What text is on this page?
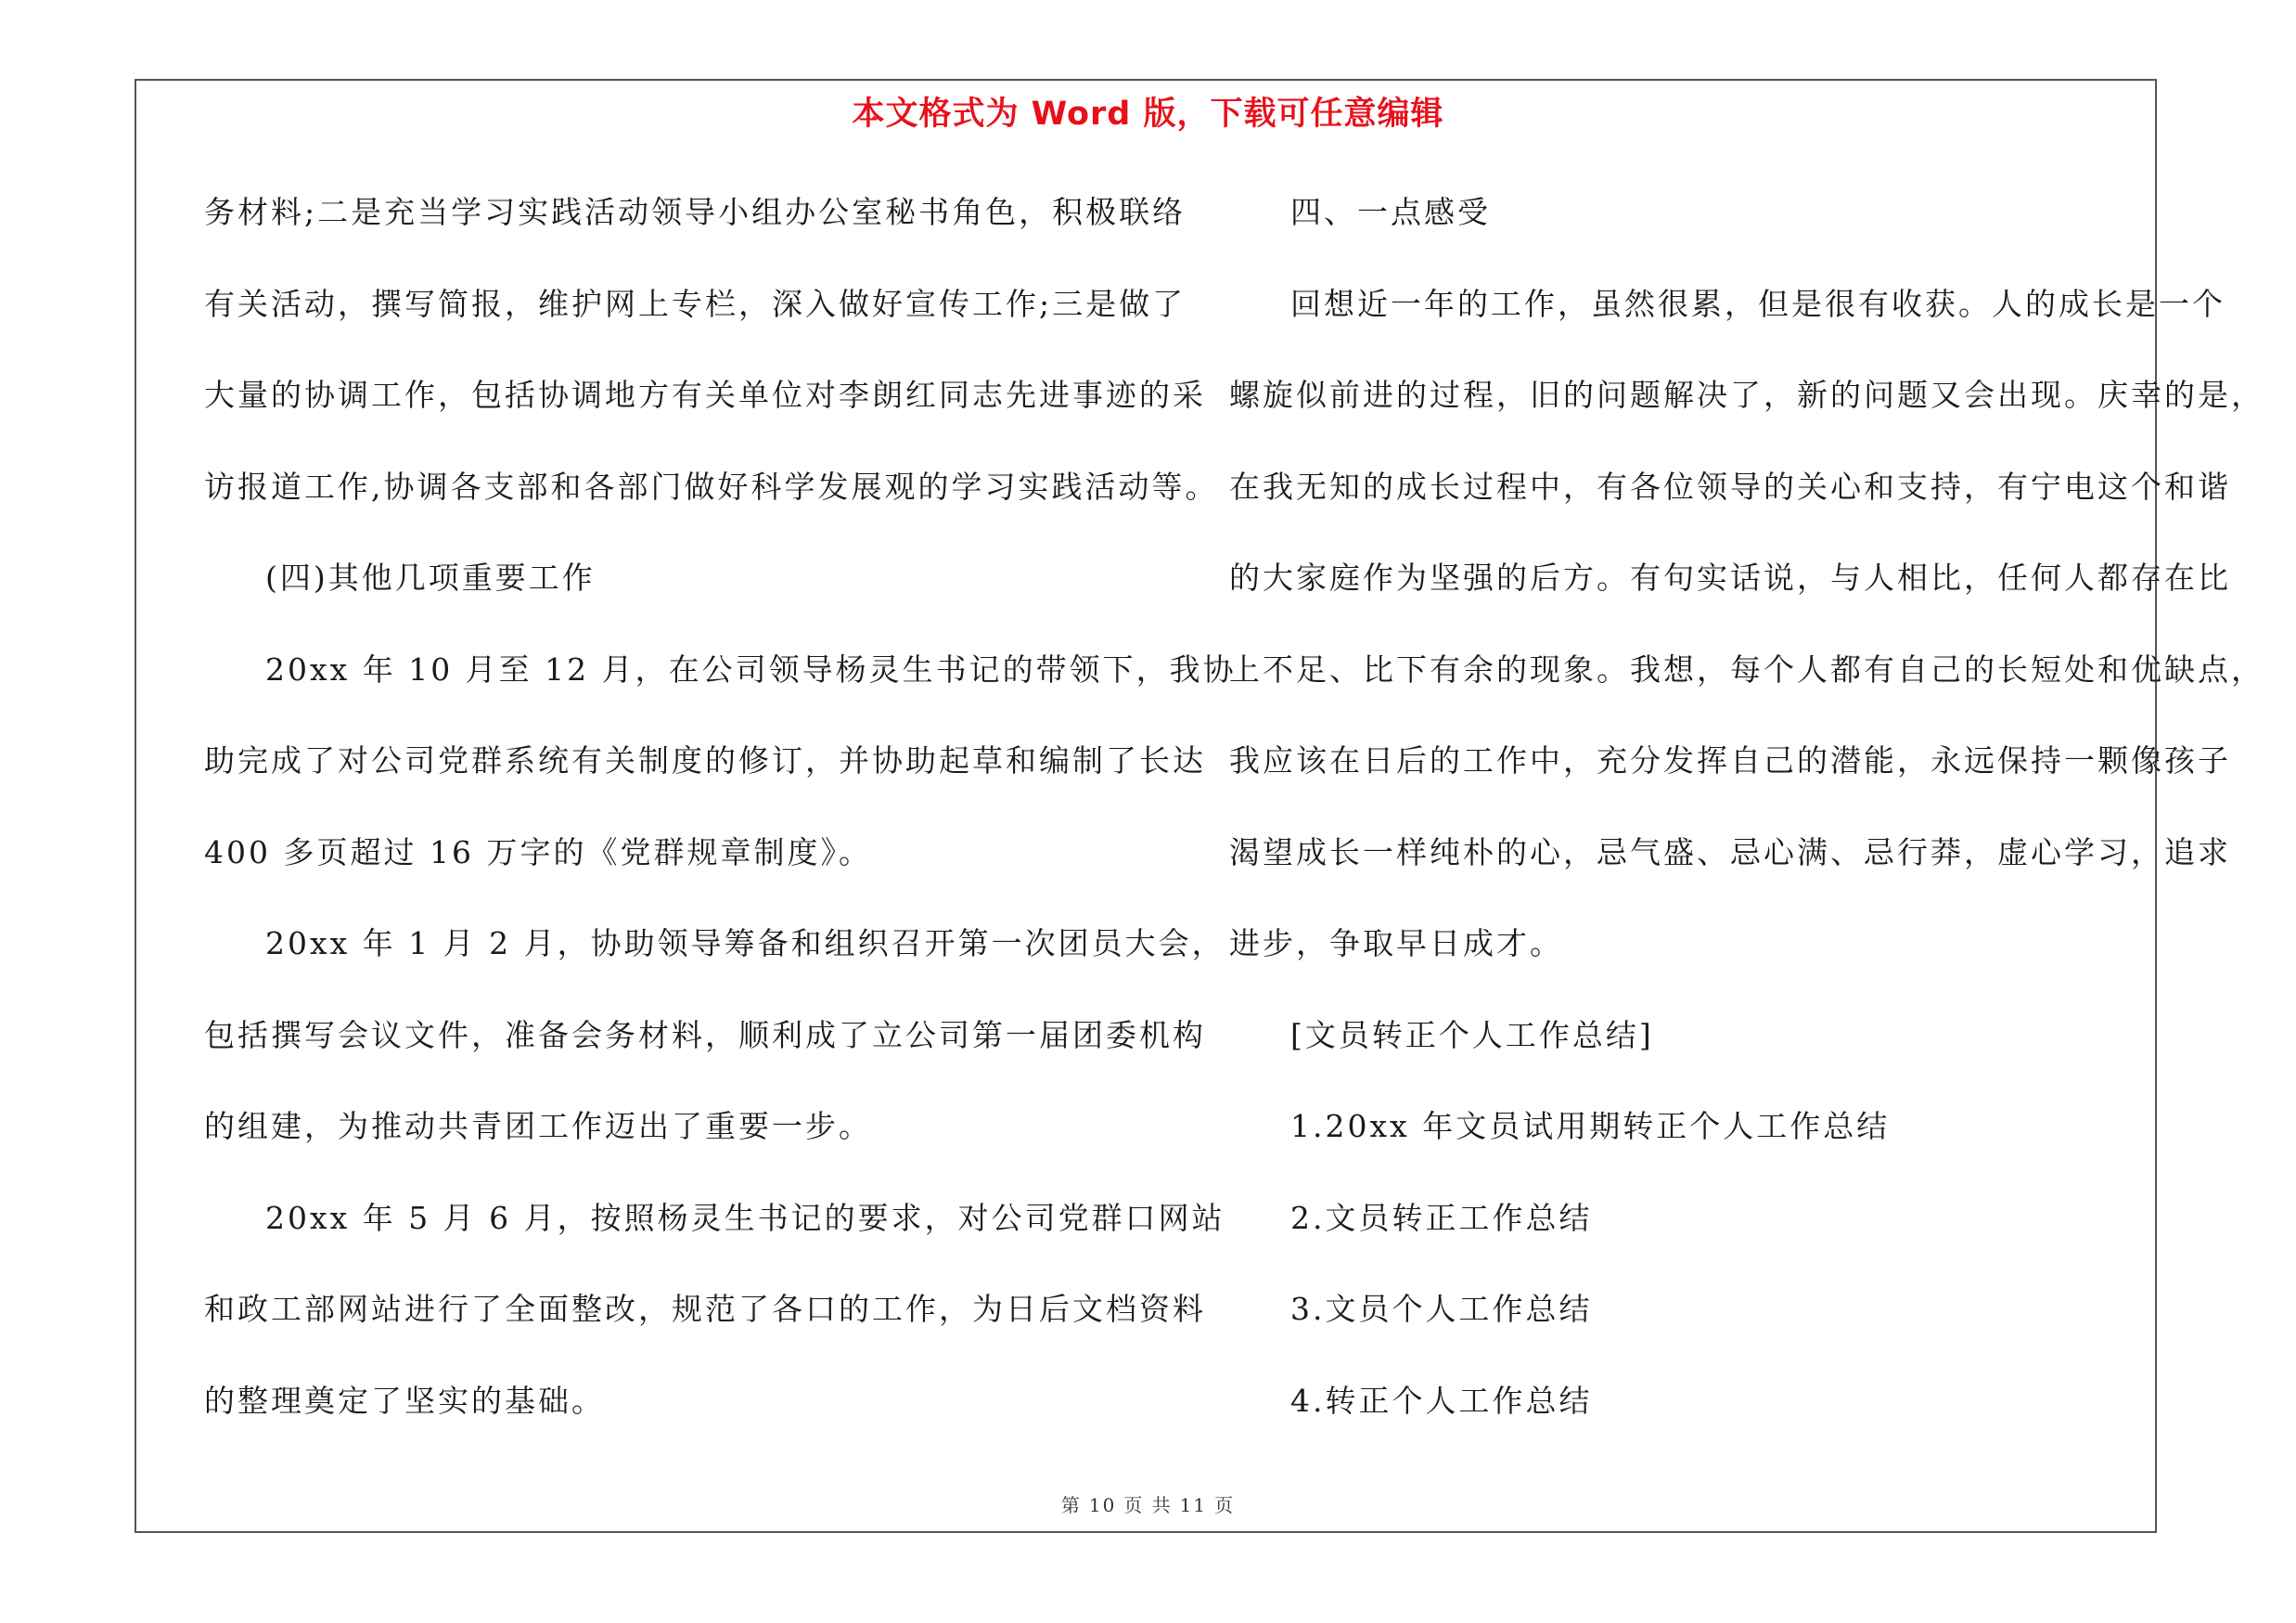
本文格式为 Word 版，下载可任意编辑

务材料;二是充当学习实践活动领导小组办公室秘书角色，积极联络

有关活动，撰写简报，维护网上专栏，深入做好宣传工作;三是做了

大量的协调工作，包括协调地方有关单位对李朗红同志先进事迹的采

访报道工作,协调各支部和各部门做好科学发展观的学习实践活动等。

(四)其他几项重要工作

20xx 年 10 月至 12 月，在公司领导杨灵生书记的带领下，我协

助完成了对公司党群系统有关制度的修订，并协助起草和编制了长达

400 多页超过 16 万字的《党群规章制度》。

20xx 年 1 月 2 月，协助领导筹备和组织召开第一次团员大会，

包括撰写会议文件，准备会务材料，顺利成了立公司第一届团委机构

的组建，为推动共青团工作迈出了重要一步。

20xx 年 5 月 6 月，按照杨灵生书记的要求，对公司党群口网站

和政工部网站进行了全面整改，规范了各口的工作，为日后文档资料

的整理奠定了坚实的基础。

四、一点感受

回想近一年的工作，虽然很累，但是很有收获。人的成长是一个

螺旋似前进的过程，旧的问题解决了，新的问题又会出现。庆幸的是，

在我无知的成长过程中，有各位领导的关心和支持，有宁电这个和谐

的大家庭作为坚强的后方。有句实话说，与人相比，任何人都存在比

上不足、比下有余的现象。我想，每个人都有自己的长短处和优缺点，

我应该在日后的工作中，充分发挥自己的潜能，永远保持一颗像孩子

渴望成长一样纯朴的心，忌气盛、忌心满、忌行莽，虚心学习，追求

进步，争取早日成才。

[文员转正个人工作总结]

1.20xx 年文员试用期转正个人工作总结

2.文员转正工作总结

3.文员个人工作总结

4.转正个人工作总结

第 10 页 共 11 页
